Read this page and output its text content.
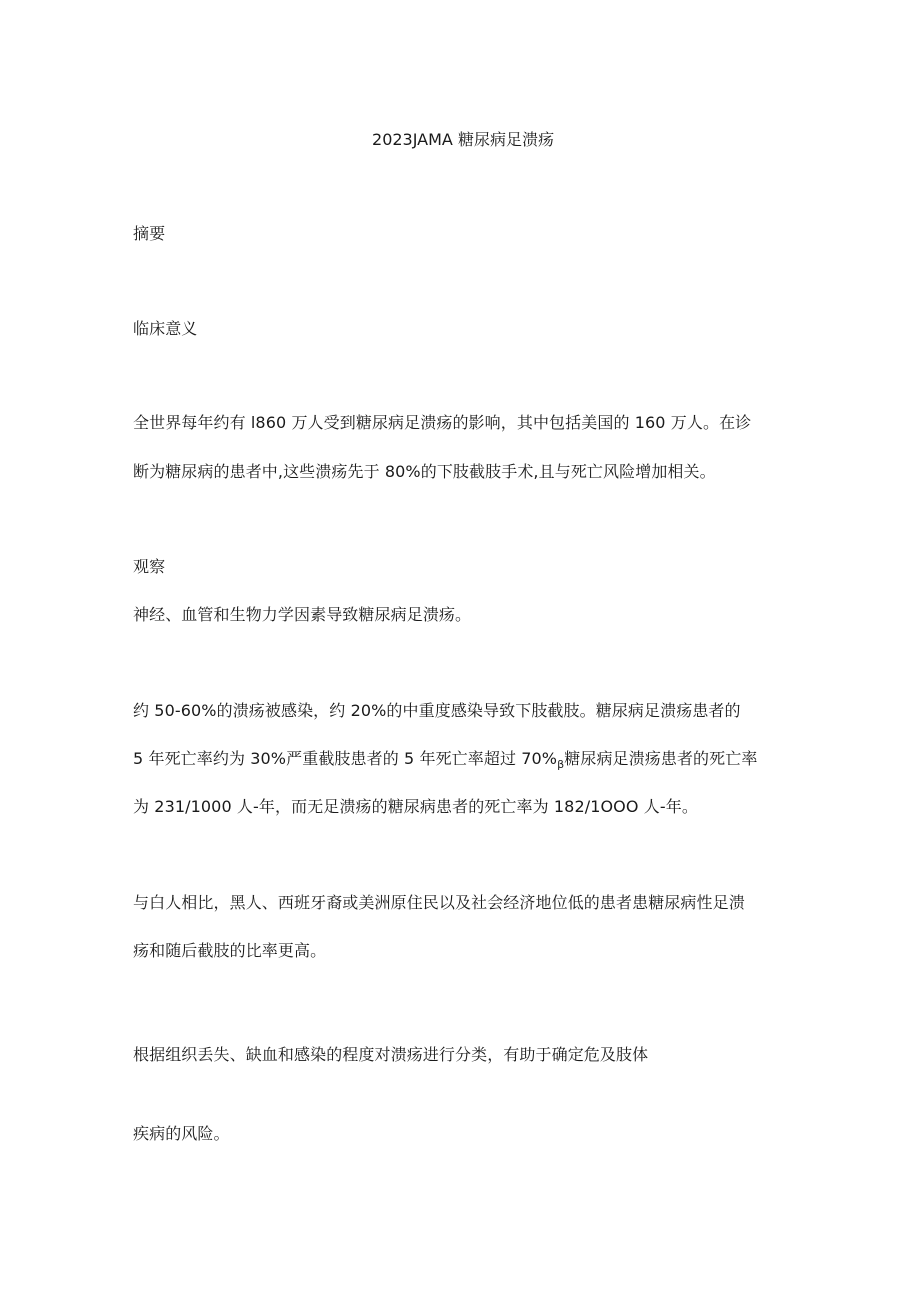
2023JAMA 糖尿病足溃疡
摘要
临床意义
全世界每年约有 l860 万人受到糖尿病足溃疡的影响，其中包括美国的 160 万人。在诊
断为糖尿病的患者中,这些溃疡先于 80%的下肢截肢手术,且与死亡风险增加相关。
观察
神经、血管和生物力学因素导致糖尿病足溃疡。
约 50-60%的溃疡被感染，约 20%的中重度感染导致下肢截肢。糖尿病足溃疡患者的
5 年死亡率约为 30%严重截肢患者的 5 年死亡率超过 $70\%_\beta$糖尿病足溃疡患者的死亡率
为 231/1000 人-年，而无足溃疡的糖尿病患者的死亡率为 182/1OOO 人-年。
与白人相比，黑人、西班牙裔或美洲原住民以及社会经济地位低的患者患糖尿病性足溃
疡和随后截肢的比率更高。
根据组织丢失、缺血和感染的程度对溃疡进行分类，有助于确定危及肢体
疾病的风险。
